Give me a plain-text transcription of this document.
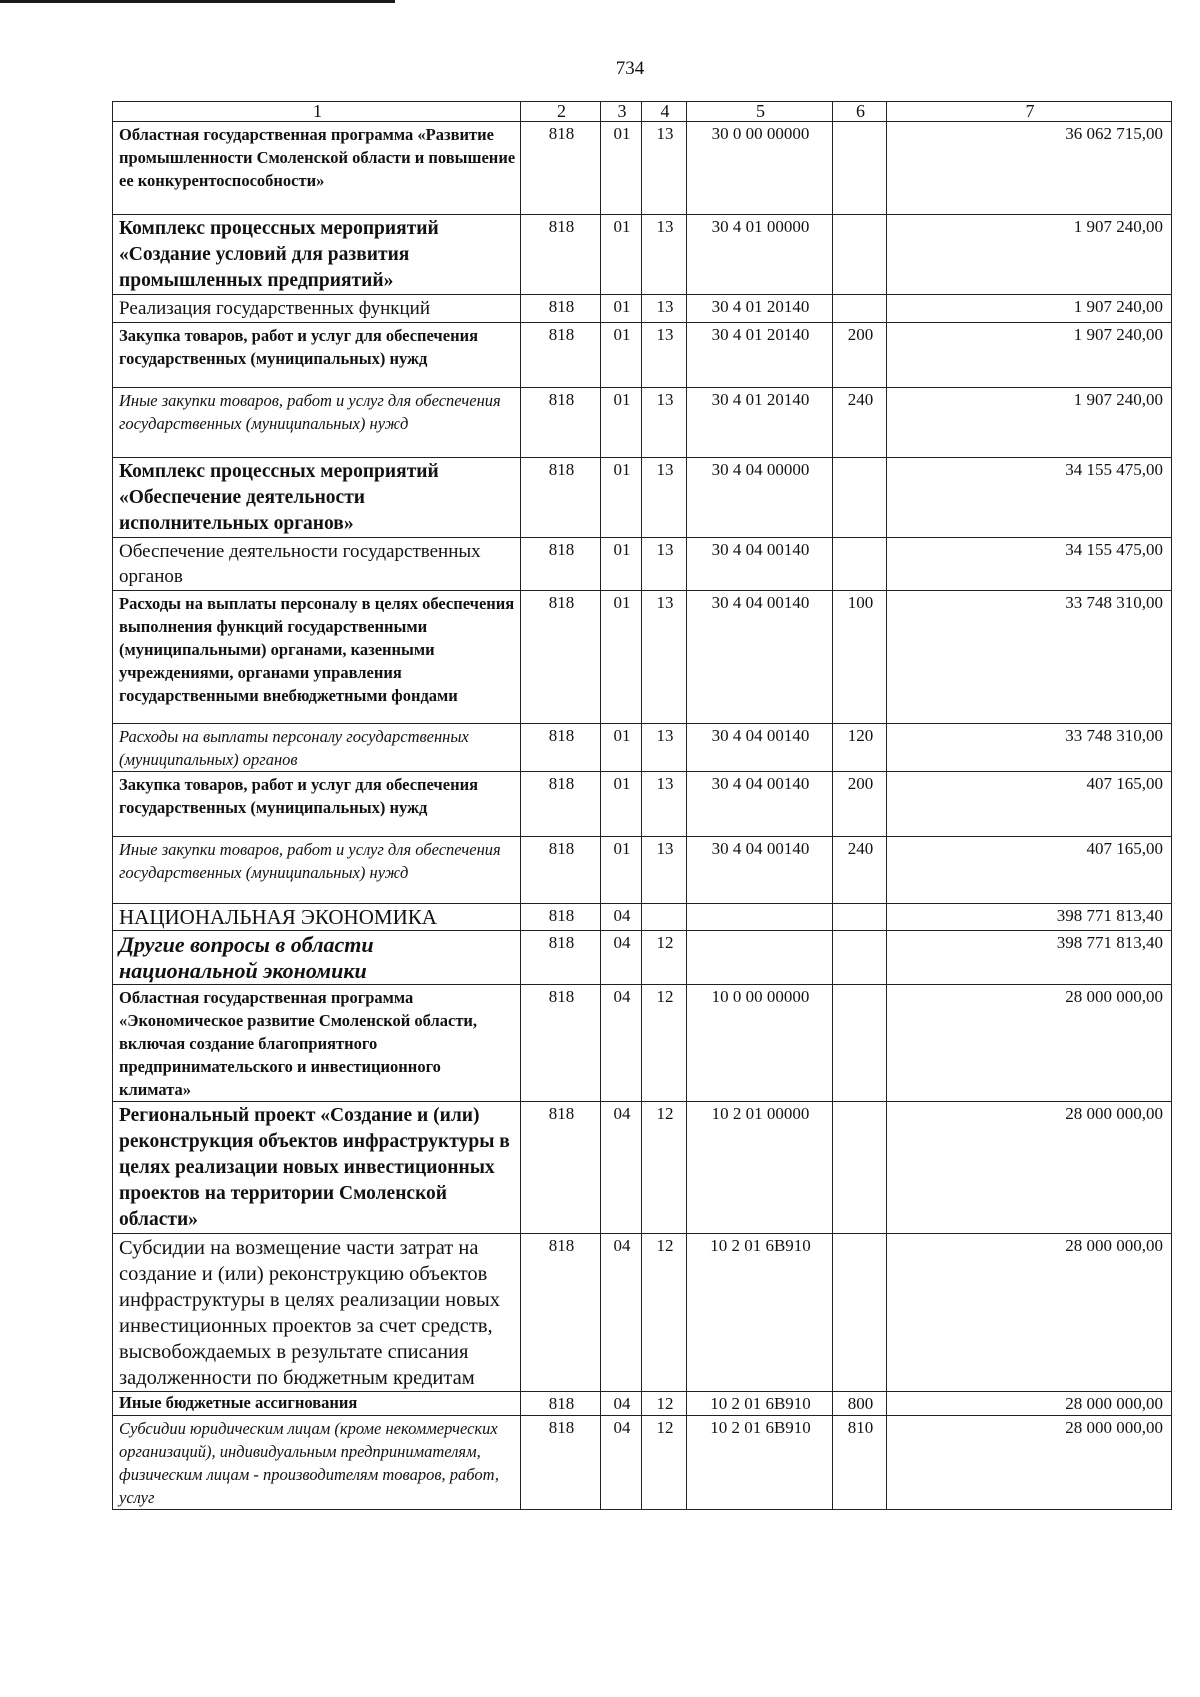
734
1	2	3	4	5	6	7
Областная государственная программа «Развитие промышленности Смоленской области и повышение ее конкурентоспособности»	818	01	13	30 0 00 00000		36 062 715,00
Комплекс процессных мероприятий «Создание условий для развития промышленных предприятий»	818	01	13	30 4 01 00000		1 907 240,00
Реализация государственных функций	818	01	13	30 4 01 20140		1 907 240,00
Закупка товаров, работ и услуг для обеспечения государственных (муниципальных) нужд	818	01	13	30 4 01 20140	200	1 907 240,00
Иные закупки товаров, работ и услуг для обеспечения государственных (муниципальных) нужд	818	01	13	30 4 01 20140	240	1 907 240,00
Комплекс процессных мероприятий «Обеспечение деятельности исполнительных органов»	818	01	13	30 4 04 00000		34 155 475,00
Обеспечение деятельности государственных органов	818	01	13	30 4 04 00140		34 155 475,00
Расходы на выплаты персоналу в целях обеспечения выполнения функций государственными (муниципальными) органами, казенными учреждениями, органами управления государственными внебюджетными фондами	818	01	13	30 4 04 00140	100	33 748 310,00
Расходы на выплаты персоналу государственных (муниципальных) органов	818	01	13	30 4 04 00140	120	33 748 310,00
Закупка товаров, работ и услуг для обеспечения государственных (муниципальных) нужд	818	01	13	30 4 04 00140	200	407 165,00
Иные закупки товаров, работ и услуг для обеспечения государственных (муниципальных) нужд	818	01	13	30 4 04 00140	240	407 165,00
НАЦИОНАЛЬНАЯ ЭКОНОМИКА	818	04				398 771 813,40
Другие вопросы в области национальной экономики	818	04	12			398 771 813,40
Областная государственная программа «Экономическое развитие Смоленской области, включая создание благоприятного предпринимательского и инвестиционного климата»	818	04	12	10 0 00 00000		28 000 000,00
Региональный проект «Создание и (или) реконструкция объектов инфраструктуры в целях реализации новых инвестиционных проектов на территории Смоленской области»	818	04	12	10 2 01 00000		28 000 000,00
Субсидии на возмещение части затрат на создание и (или) реконструкцию объектов инфраструктуры в целях реализации новых инвестиционных проектов за счет средств, высвобождаемых в результате списания задолженности по бюджетным кредитам	818	04	12	10 2 01 6В910		28 000 000,00
Иные бюджетные ассигнования	818	04	12	10 2 01 6В910	800	28 000 000,00
Субсидии юридическим лицам (кроме некоммерческих организаций), индивидуальным предпринимателям, физическим лицам - производителям товаров, работ, услуг	818	04	12	10 2 01 6В910	810	28 000 000,00
